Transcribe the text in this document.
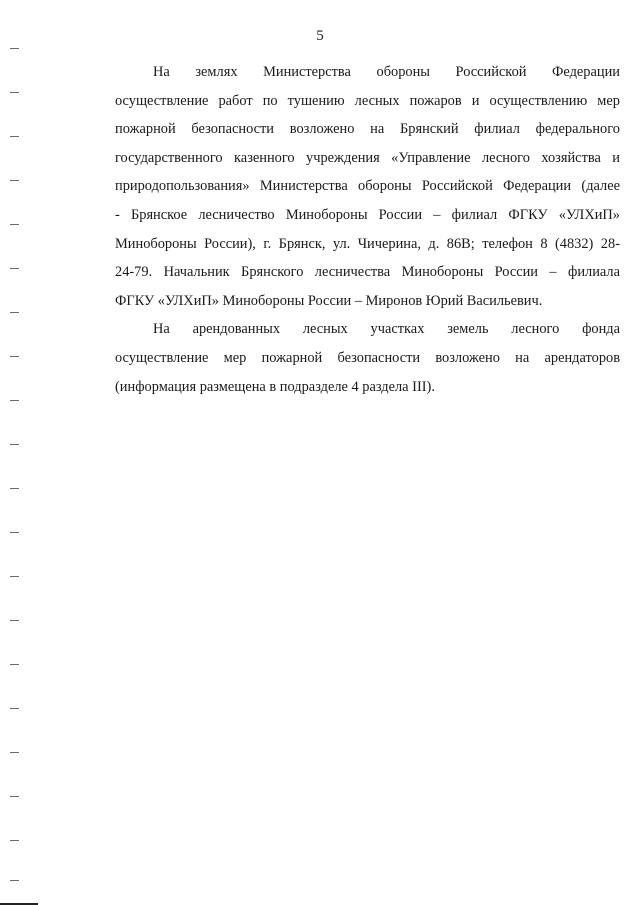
5
На землях Министерства обороны Российской Федерации
осуществление работ по тушению лесных пожаров и осуществлению мер
пожарной безопасности возложено на Брянский филиал федерального
государственного казенного учреждения «Управление лесного хозяйства и
природопользования» Министерства обороны Российской Федерации (далее
- Брянское лесничество Минобороны России – филиал ФГКУ «УЛХиП»
Минобороны России), г. Брянск, ул. Чичерина, д. 86В; телефон 8 (4832) 28-
24-79. Начальник Брянского лесничества Минобороны России – филиала
ФГКУ «УЛХиП» Минобороны России – Миронов Юрий Васильевич.
На арендованных лесных участках земель лесного фонда
осуществление мер пожарной безопасности возложено на арендаторов
(информация размещена в подразделе 4 раздела III).
